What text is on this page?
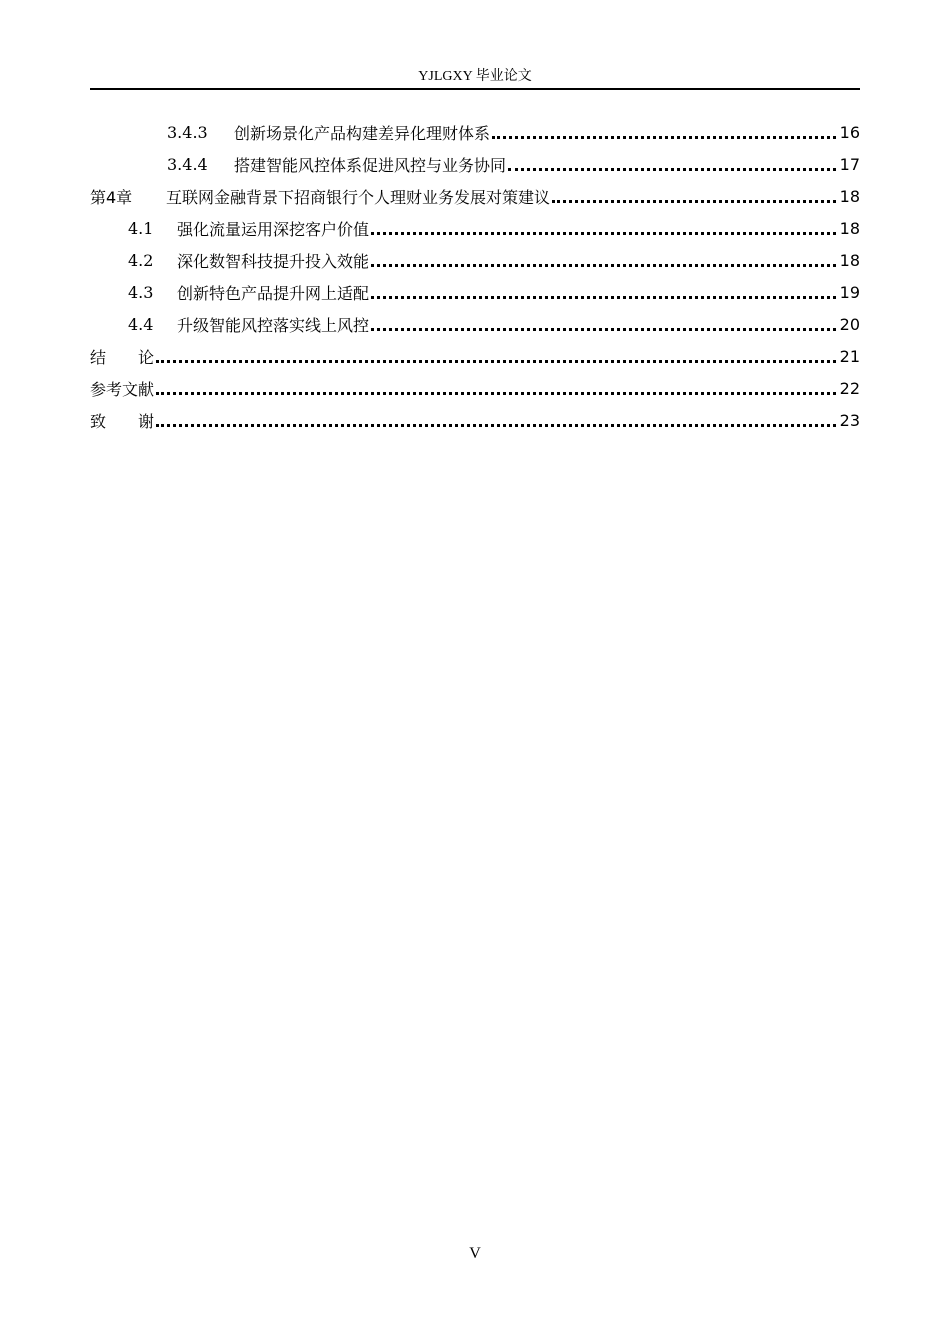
YJLGXY 毕业论文
3.4.3	创新场景化产品构建差异化理财体系	16
3.4.4	搭建智能风控体系促进风控与业务协同	17
第4章	互联网金融背景下招商银行个人理财业务发展对策建议	18
4.1	强化流量运用深挖客户价值	18
4.2	深化数智科技提升投入效能	18
4.3	创新特色产品提升网上适配	19
4.4	升级智能风控落实线上风控	20
结　　论	21
参考文献	22
致　　谢	23
V
